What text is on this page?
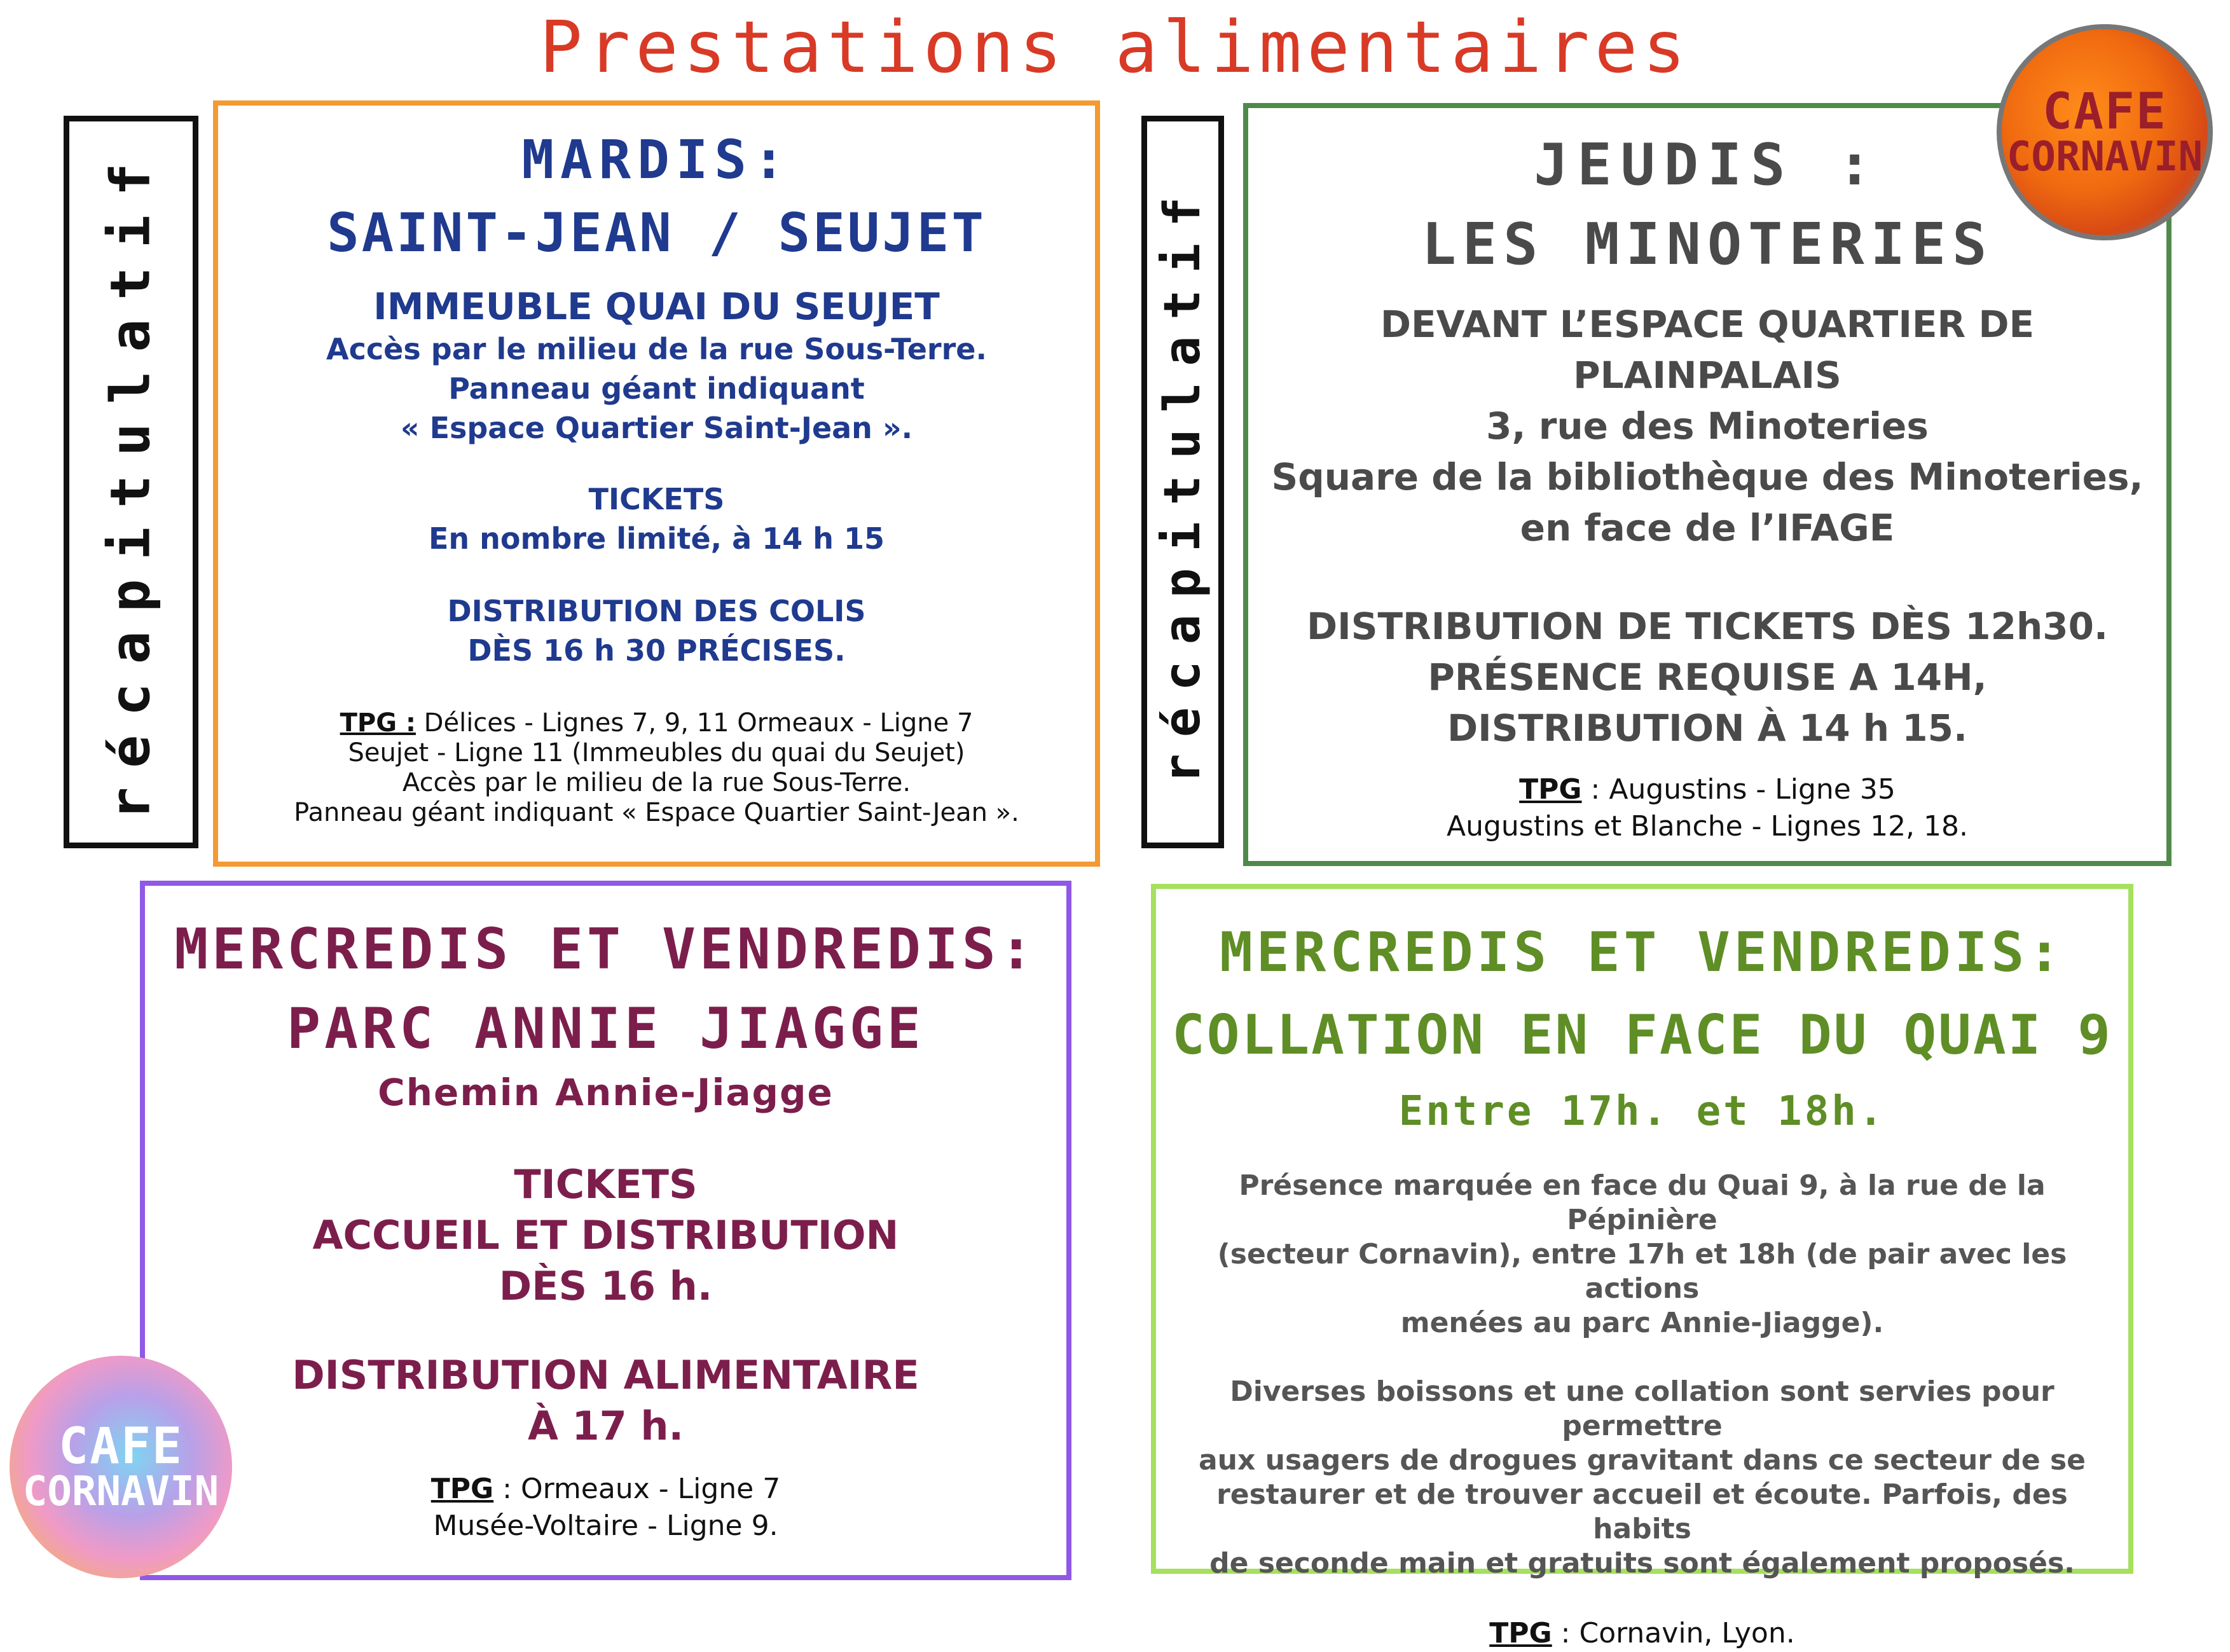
Prestations alimentaires
récapitulatif	MARDIS:
SAINT-JEAN / SEUJET
IMMEUBLE QUAI DU SEUJET
Accès par le milieu de la rue Sous-Terre.
Panneau géant indiquant
« Espace Quartier Saint-Jean ».
TICKETS
En nombre limité, à 14 h 15
DISTRIBUTION DES COLIS
DÈS 16 h 30 PRÉCISES.
TPG : Délices - Lignes 7, 9, 11 Ormeaux - Ligne 7
Seujet - Ligne 11 (Immeubles du quai du Seujet)
Accès par le milieu de la rue Sous-Terre.
Panneau géant indiquant « Espace Quartier Saint-Jean ».
récapitulatif
JEUDIS :
LES MINOTERIES
DEVANT L’ESPACE QUARTIER DE
PLAINPALAIS
3, rue des Minoteries
Square de la bibliothèque des Minoteries,
en face de l’IFAGE
DISTRIBUTION DE TICKETS DÈS 12h30.
PRÉSENCE REQUISE A 14H,
DISTRIBUTION À 14 h 15.
TPG : Augustins - Ligne 35
Augustins et Blanche - Lignes 12, 18.
CAFE
CORNAVIN
MERCREDIS ET VENDREDIS:
PARC ANNIE JIAGGE
Chemin Annie-Jiagge
TICKETS
ACCUEIL ET DISTRIBUTION
DÈS 16 h.
DISTRIBUTION ALIMENTAIRE
À 17 h.
TPG : Ormeaux - Ligne 7
Musée-Voltaire - Ligne 9.
CAFE
CORNAVIN
MERCREDIS ET VENDREDIS:
COLLATION EN FACE DU QUAI 9
Entre 17h. et 18h.
Présence marquée en face du Quai 9, à la rue de la Pépinière
(secteur Cornavin), entre 17h et 18h (de pair avec les actions
menées au parc Annie-Jiagge).
Diverses boissons et une collation sont servies pour permettre
aux usagers de drogues gravitant dans ce secteur de se
restaurer et de trouver accueil et écoute. Parfois, des habits
de seconde main et gratuits sont également proposés.
TPG : Cornavin, Lyon.
